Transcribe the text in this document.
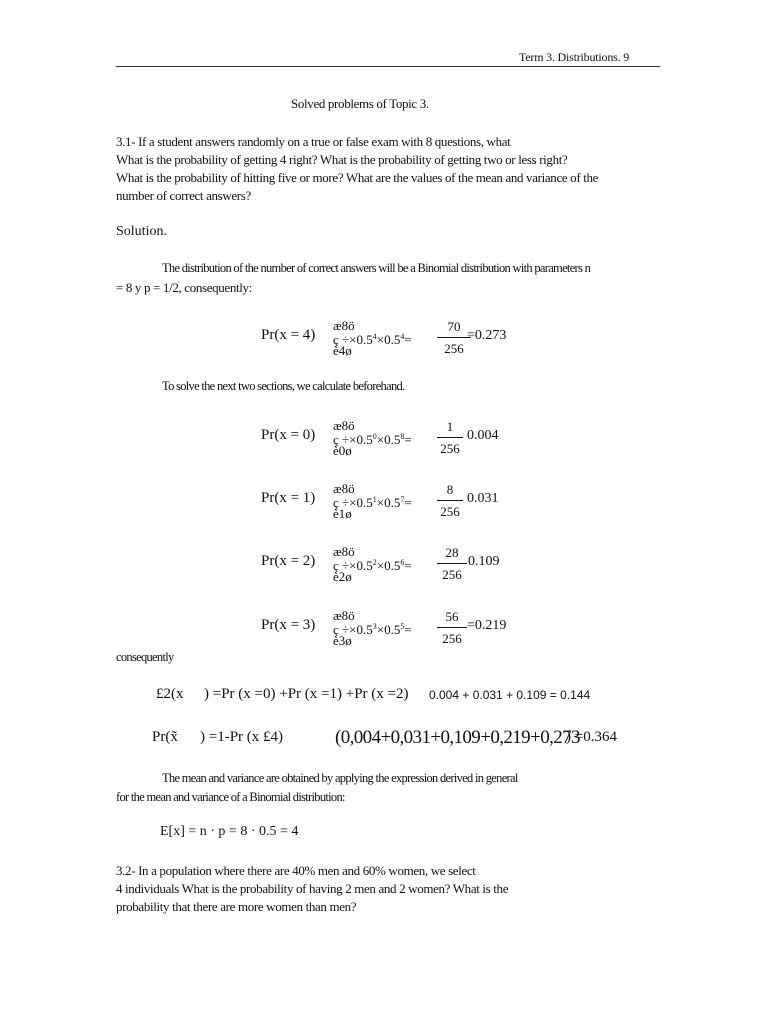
Term 3. Distributions. 9
Solved problems of Topic 3.
3.1- If a student answers randomly on a true or false exam with 8 questions, what
What is the probability of getting 4 right? What is the probability of getting two or less right?
What is the probability of hitting five or more? What are the values of the mean and variance of the
number of correct answers?
Solution.
The distribution of the number of correct answers will be a Binomial distribution with parameters n
= 8 y p = 1/2, consequently:
Pr(x = 4)
æ8ö
ç $\div\times 0.5^4\times 0.5^4=$
è4ø	$\frac{70}{256}$
=0.273
To solve the next two sections, we calculate beforehand.
Pr(x = 0)
æ8ö
ç $\div\times 0.5^0\times 0.5^8=$
è0ø	$\frac{1}{256} 0.004$
Pr(x = 1)
æ8ö
ç $\div\times 0.5^1\times 0.5^7=$
è1ø	$\frac{8}{256} 0.031$
Pr(x = 2)
æ8ö
ç $\div\times 0.5^2\times 0.5^6=$
è2ø	$\frac{28}{256} 0.109$
Pr(x = 3)
æ8ö
ç $\div\times 0.5^3\times 0.5^5=$
è3ø	$\frac{56}{256} =0.219$
consequently
£2(x ) =Pr (x =0) +Pr (x =1) +Pr (x =2) 0.004 + 0.031 + 0.109 = 0.144
Pr(x̃ ) =1-Pr (x £4)	(0,004+0,031+0,109+0,219+0,273
) =0.364
The mean and variance are obtained by applying the expression derived in general
for the mean and variance of a Binomial distribution:
E[x] = n · p = 8 · 0.5 = 4
3.2- In a population where there are 40% men and 60% women, we select
4 individuals What is the probability of having 2 men and 2 women? What is the
probability that there are more women than men?
